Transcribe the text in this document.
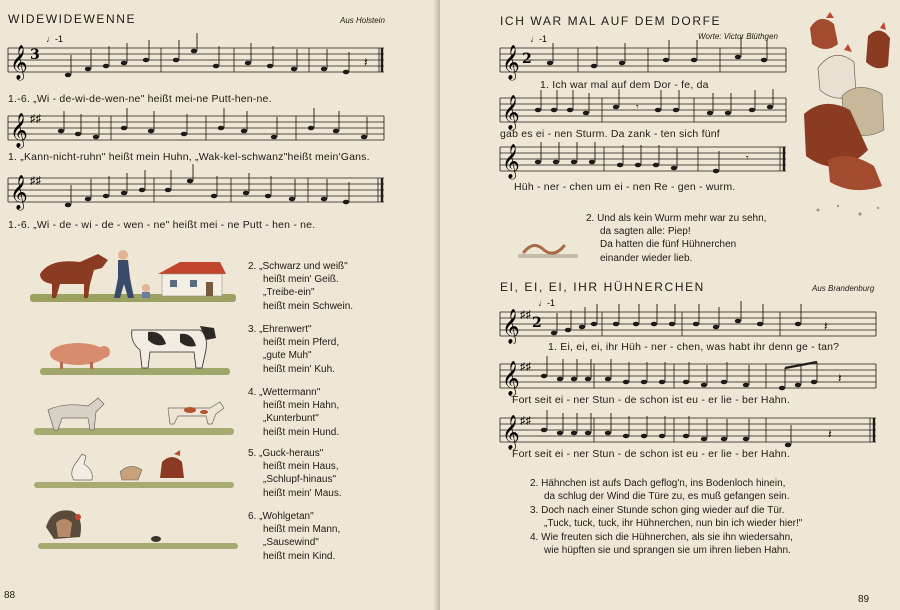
WIDEWIDEWENNE	Aus Holstein
𝄞 3
♩-1
𝄽
1.-6. „Wi - de-wi-de-wen-ne" heißt mei-ne Putt-hen-ne.
𝄞 ♯♯
1. „Kann-nicht-ruhn" heißt mein Huhn, „Wak-kel-schwanz"heißt mein'Gans.
𝄞 ♯♯
1.-6. „Wi - de - wi - de - wen - ne" heißt mei - ne Putt - hen - ne.
2. „Schwarz und weiß"
heißt mein' Geiß.
„Treibe-ein"
heißt mein Schwein.
3. „Ehrenwert"
heißt mein Pferd,
„gute Muh"
heißt mein' Kuh.
4. „Wettermann"
heißt mein Hahn,
„Kunterbunt"
heißt mein Hund.
5. „Guck-heraus"
heißt mein Haus,
„Schlupf-hinaus"
heißt mein' Maus.
6. „Wohlgetan"
heißt mein Mann,
„Sausewind"
heißt mein Kind.
88
ICH WAR MAL AUF DEM DORFE
Worte: Victor Blüthgen
𝄞 2
♩-1
1. Ich war mal auf dem Dor - fe, da
𝄞	𝄾
gab es ei - nen Sturm. Da zank - ten sich fünf
𝄞	𝄾
Hüh - ner - chen um ei - nen Re - gen - wurm.
2. Und als kein Wurm mehr war zu sehn,
da sagten alle: Piep!
Da hatten die fünf Hühnerchen
einander wieder lieb.
EI, EI, EI, IHR HÜHNERCHEN	Aus Brandenburg
𝄞 ♯♯ 2
♩-1
𝄽
1. Ei, ei, ei, ihr Hüh - ner - chen, was habt ihr denn ge - tan?
𝄞 ♯♯
𝄽
Fort seit ei - ner Stun - de schon ist eu - er lie - ber Hahn.
𝄞 ♯♯
𝄽
Fort seit ei - ner Stun - de schon ist eu - er lie - ber Hahn.
2. Hähnchen ist aufs Dach geflog'n, ins Bodenloch hinein,
da schlug der Wind die Türe zu, es muß gefangen sein.
3. Doch nach einer Stunde schon ging wieder auf die Tür.
„Tuck, tuck, tuck, ihr Hühnerchen, nun bin ich wieder hier!"
4. Wie freuten sich die Hühnerchen, als sie ihn wiedersahn,
wie hüpften sie und sprangen sie um ihren lieben Hahn.
89
